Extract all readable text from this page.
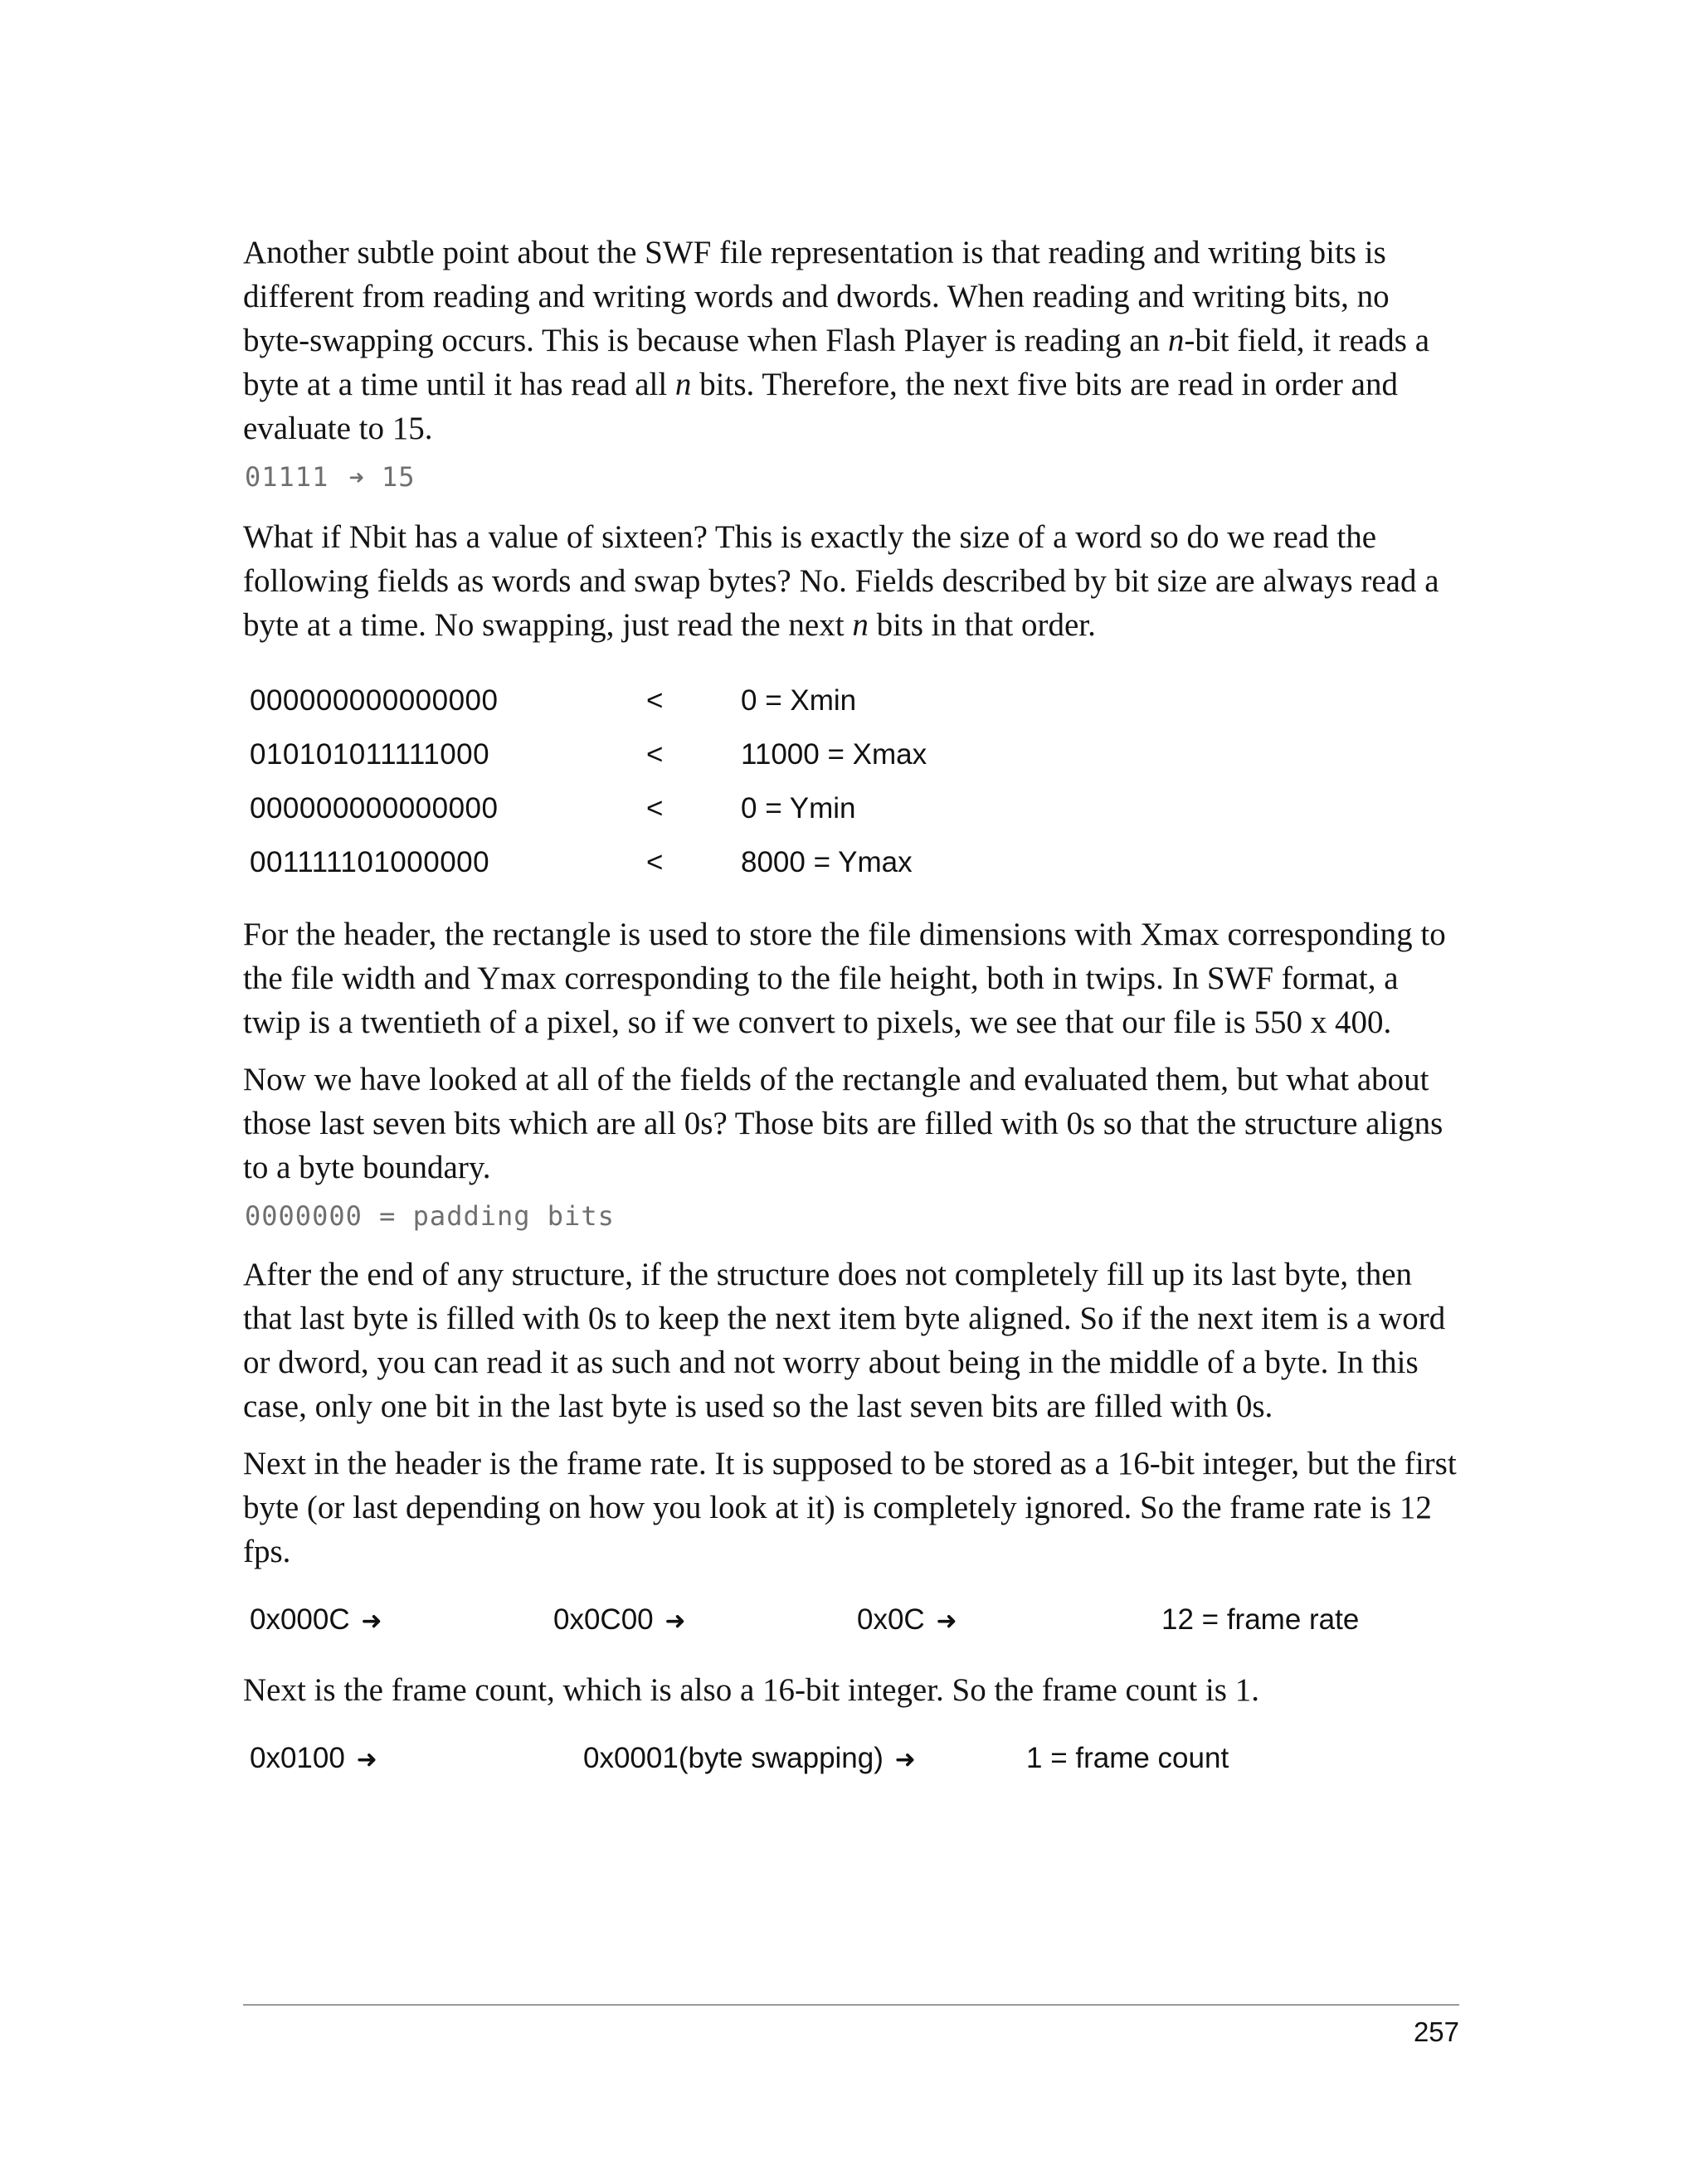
Another subtle point about the SWF file representation is that reading and writing bits is different from reading and writing words and dwords. When reading and writing bits, no byte-swapping occurs. This is because when Flash Player is reading an n-bit field, it reads a byte at a time until it has read all n bits. Therefore, the next five bits are read in order and evaluate to 15.

01111 ➜ 15

What if Nbit has a value of sixteen? This is exactly the size of a word so do we read the following fields as words and swap bytes? No. Fields described by bit size are always read a byte at a time. No swapping, just read the next n bits in that order.

000000000000000	<	0 = Xmin
010101011111000	<	11000 = Xmax
000000000000000	<	0 = Ymin
001111101000000	<	8000 = Ymax

For the header, the rectangle is used to store the file dimensions with Xmax corresponding to the file width and Ymax corresponding to the file height, both in twips. In SWF format, a twip is a twentieth of a pixel, so if we convert to pixels, we see that our file is 550 x 400.

Now we have looked at all of the fields of the rectangle and evaluated them, but what about those last seven bits which are all 0s? Those bits are filled with 0s so that the structure aligns to a byte boundary.

0000000 = padding bits

After the end of any structure, if the structure does not completely fill up its last byte, then that last byte is filled with 0s to keep the next item byte aligned. So if the next item is a word or dword, you can read it as such and not worry about being in the middle of a byte. In this case, only one bit in the last byte is used so the last seven bits are filled with 0s.

Next in the header is the frame rate. It is supposed to be stored as a 16-bit integer, but the first byte (or last depending on how you look at it) is completely ignored. So the frame rate is 12 fps.

0x000C ➜	0x0C00 ➜	0x0C ➜	12 = frame rate

Next is the frame count, which is also a 16-bit integer. So the frame count is 1.

0x0100 ➜	0x0001(byte swapping) ➜	1 = frame count
257
